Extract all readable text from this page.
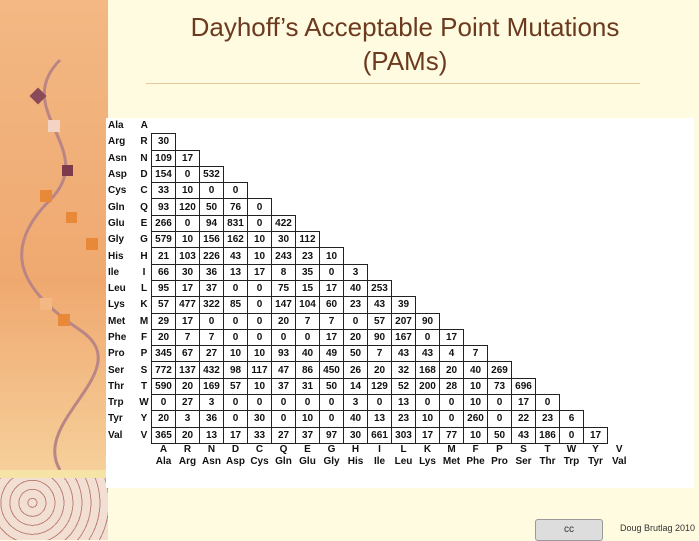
Dayhoff’s Acceptable Point Mutations
(PAMs)
Ala	A																				
Arg	R	30																			
Asn	N	109	17																		
Asp	D	154	0	532																	
Cys	C	33	10	0	0																
Gln	Q	93	120	50	76	0															
Glu	E	266	0	94	831	0	422														
Gly	G	579	10	156	162	10	30	112													
His	H	21	103	226	43	10	243	23	10												
Ile	I	66	30	36	13	17	8	35	0	3											
Leu	L	95	17	37	0	0	75	15	17	40	253										
Lys	K	57	477	322	85	0	147	104	60	23	43	39									
Met	M	29	17	0	0	0	20	7	7	0	57	207	90								
Phe	F	20	7	7	0	0	0	0	17	20	90	167	0	17							
Pro	P	345	67	27	10	10	93	40	49	50	7	43	43	4	7						
Ser	S	772	137	432	98	117	47	86	450	26	20	32	168	20	40	269					
Thr	T	590	20	169	57	10	37	31	50	14	129	52	200	28	10	73	696				
Trp	W	0	27	3	0	0	0	0	0	3	0	13	0	0	10	0	17	0			
Tyr	Y	20	3	36	0	30	0	10	0	40	13	23	10	0	260	0	22	23	6		
Val	V	365	20	13	17	33	27	37	97	30	661	303	17	77	10	50	43	186	0	17	
		A	R	N	D	C	Q	E	G	H	I	L	K	M	F	P	S	T	W	Y	V
		Ala	Arg	Asn	Asp	Cys	Gln	Glu	Gly	His	Ile	Leu	Lys	Met	Phe	Pro	Ser	Thr	Trp	Tyr	Val
cc	Doug Brutlag 2010
